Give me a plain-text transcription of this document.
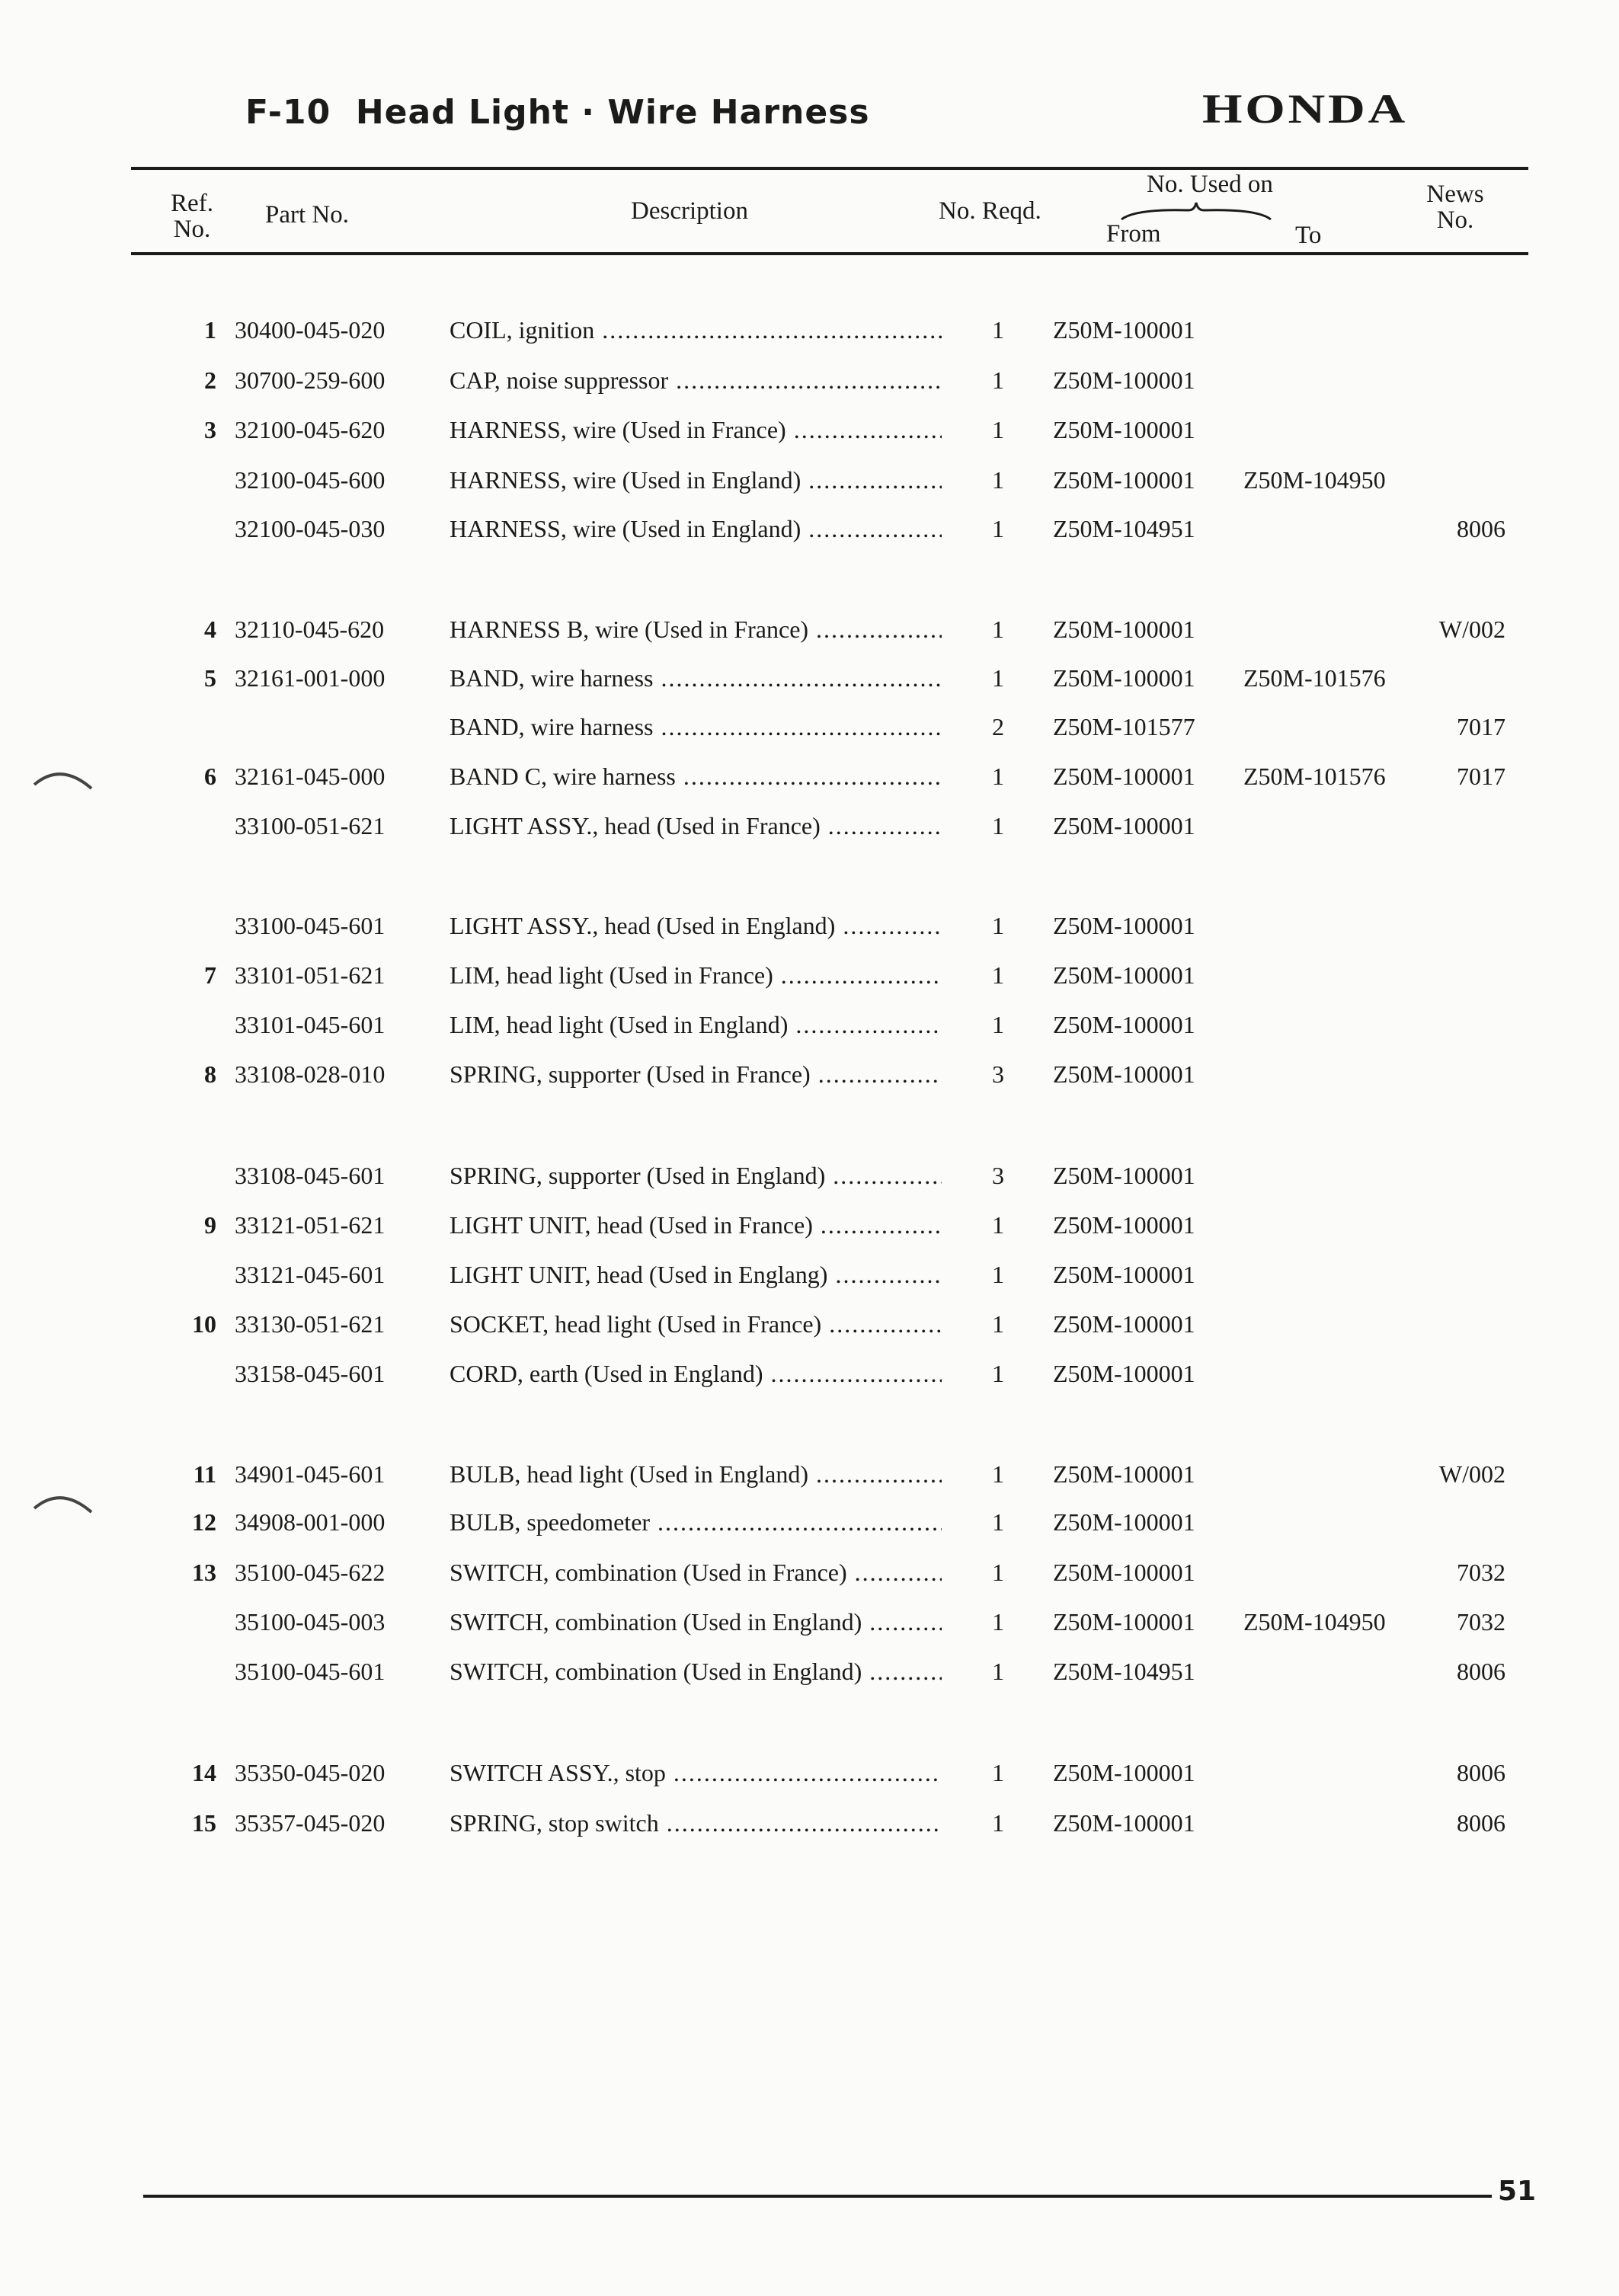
F-10  Head Light · Wire Harness	HONDA
Ref. No.
Part No.	Description	No. Reqd.
No. Used on
From	To
News No.
1 30400-045-020	COIL, ignition .....	1	Z50M-100001
2 30700-259-600	CAP, noise suppressor .....	1	Z50M-100001
3 32100-045-620	HARNESS, wire (Used in France) .....	1	Z50M-100001
32100-045-600	HARNESS, wire (Used in England) .....	1	Z50M-100001 Z50M-104950
32100-045-030	HARNESS, wire (Used in England) .....	1	Z50M-104951	8006
4 32110-045-620	HARNESS B, wire (Used in France) .....	1	Z50M-100001	W/002
5 32161-001-000	BAND, wire harness .....	1	Z50M-100001 Z50M-101576
BAND, wire harness .....	2	Z50M-101577	7017
6 32161-045-000	BAND C, wire harness .....	1	Z50M-100001 Z50M-101576	7017
33100-051-621	LIGHT ASSY., head (Used in France) .....	1	Z50M-100001
33100-045-601	LIGHT ASSY., head (Used in England) .....	1	Z50M-100001
7 33101-051-621	LIM, head light (Used in France) .....	1	Z50M-100001
33101-045-601	LIM, head light (Used in England) .....	1	Z50M-100001
8 33108-028-010	SPRING, supporter (Used in France) .....	3	Z50M-100001
33108-045-601	SPRING, supporter (Used in England) .....	3	Z50M-100001
9 33121-051-621	LIGHT UNIT, head (Used in France) .....	1	Z50M-100001
33121-045-601	LIGHT UNIT, head (Used in Englang) .....	1	Z50M-100001
10 33130-051-621	SOCKET, head light (Used in France) .....	1	Z50M-100001
33158-045-601	CORD, earth (Used in England) .....	1	Z50M-100001
11 34901-045-601	BULB, head light (Used in England) .....	1	Z50M-100001	W/002
12 34908-001-000	BULB, speedometer .....	1	Z50M-100001
13 35100-045-622	SWITCH, combination (Used in France) .....	1	Z50M-100001	7032
35100-045-003	SWITCH, combination (Used in England) .....	1	Z50M-100001 Z50M-104950	7032
35100-045-601	SWITCH, combination (Used in England) .....	1	Z50M-104951	8006
14 35350-045-020	SWITCH ASSY., stop .....	1	Z50M-100001	8006
15 35357-045-020	SPRING, stop switch .....	1	Z50M-100001	8006
51
